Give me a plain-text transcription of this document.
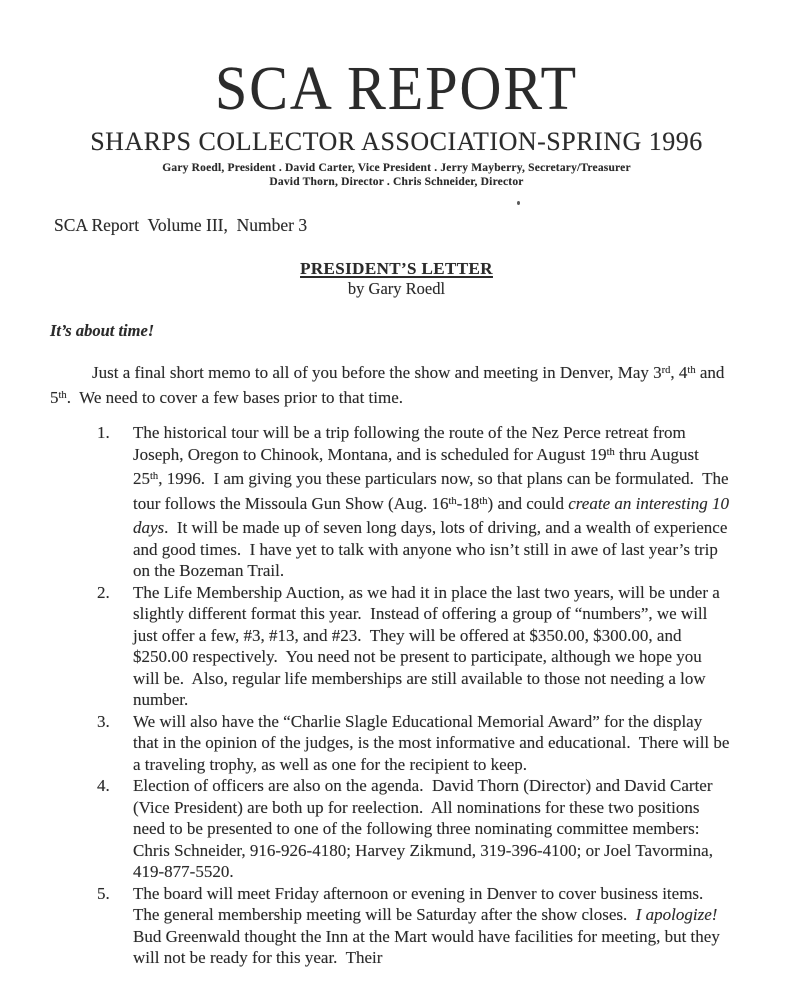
SCA REPORT
SHARPS COLLECTOR ASSOCIATION-SPRING 1996
Gary Roedl, President . David Carter, Vice President . Jerry Mayberry, Secretary/Treasurer
David Thorn, Director . Chris Schneider, Director
SCA Report  Volume III,  Number 3
PRESIDENT’S LETTER
by Gary Roedl
It’s about time!

Just a final short memo to all of you before the show and meeting in Denver, May 3rd, 4th and 5th.  We need to cover a few bases prior to that time.

1.	The historical tour will be a trip following the route of the Nez Perce retreat from Joseph, Oregon to Chinook, Montana, and is scheduled for August 19th thru August 25th, 1996.  I am giving you these particulars now, so that plans can be formulated.  The tour follows the Missoula Gun Show (Aug. 16th-18th) and could create an interesting 10 days.  It will be made up of seven long days, lots of driving, and a wealth of experience and good times.  I have yet to talk with anyone who isn’t still in awe of last year’s trip on the Bozeman Trail.
2.	The Life Membership Auction, as we had it in place the last two years, will be under a slightly different format this year.  Instead of offering a group of “numbers”, we will just offer a few, #3, #13, and #23.  They will be offered at $350.00, $300.00, and $250.00 respectively.  You need not be present to participate, although we hope you will be.  Also, regular life memberships are still available to those not needing a low number.
3.	We will also have the “Charlie Slagle Educational Memorial Award” for the display that in the opinion of the judges, is the most informative and educational.  There will be a traveling trophy, as well as one for the recipient to keep.
4.	Election of officers are also on the agenda.  David Thorn (Director) and David Carter (Vice President) are both up for reelection.  All nominations for these two positions need to be presented to one of the following three nominating committee members:  Chris Schneider, 916-926-4180; Harvey Zikmund, 319-396-4100; or Joel Tavormina, 419-877-5520.
5.	The board will meet Friday afternoon or evening in Denver to cover business items.  The general membership meeting will be Saturday after the show closes.  I apologize!   Bud Greenwald thought the Inn at the Mart would have facilities for meeting, but they will not be ready for this year.  Their
